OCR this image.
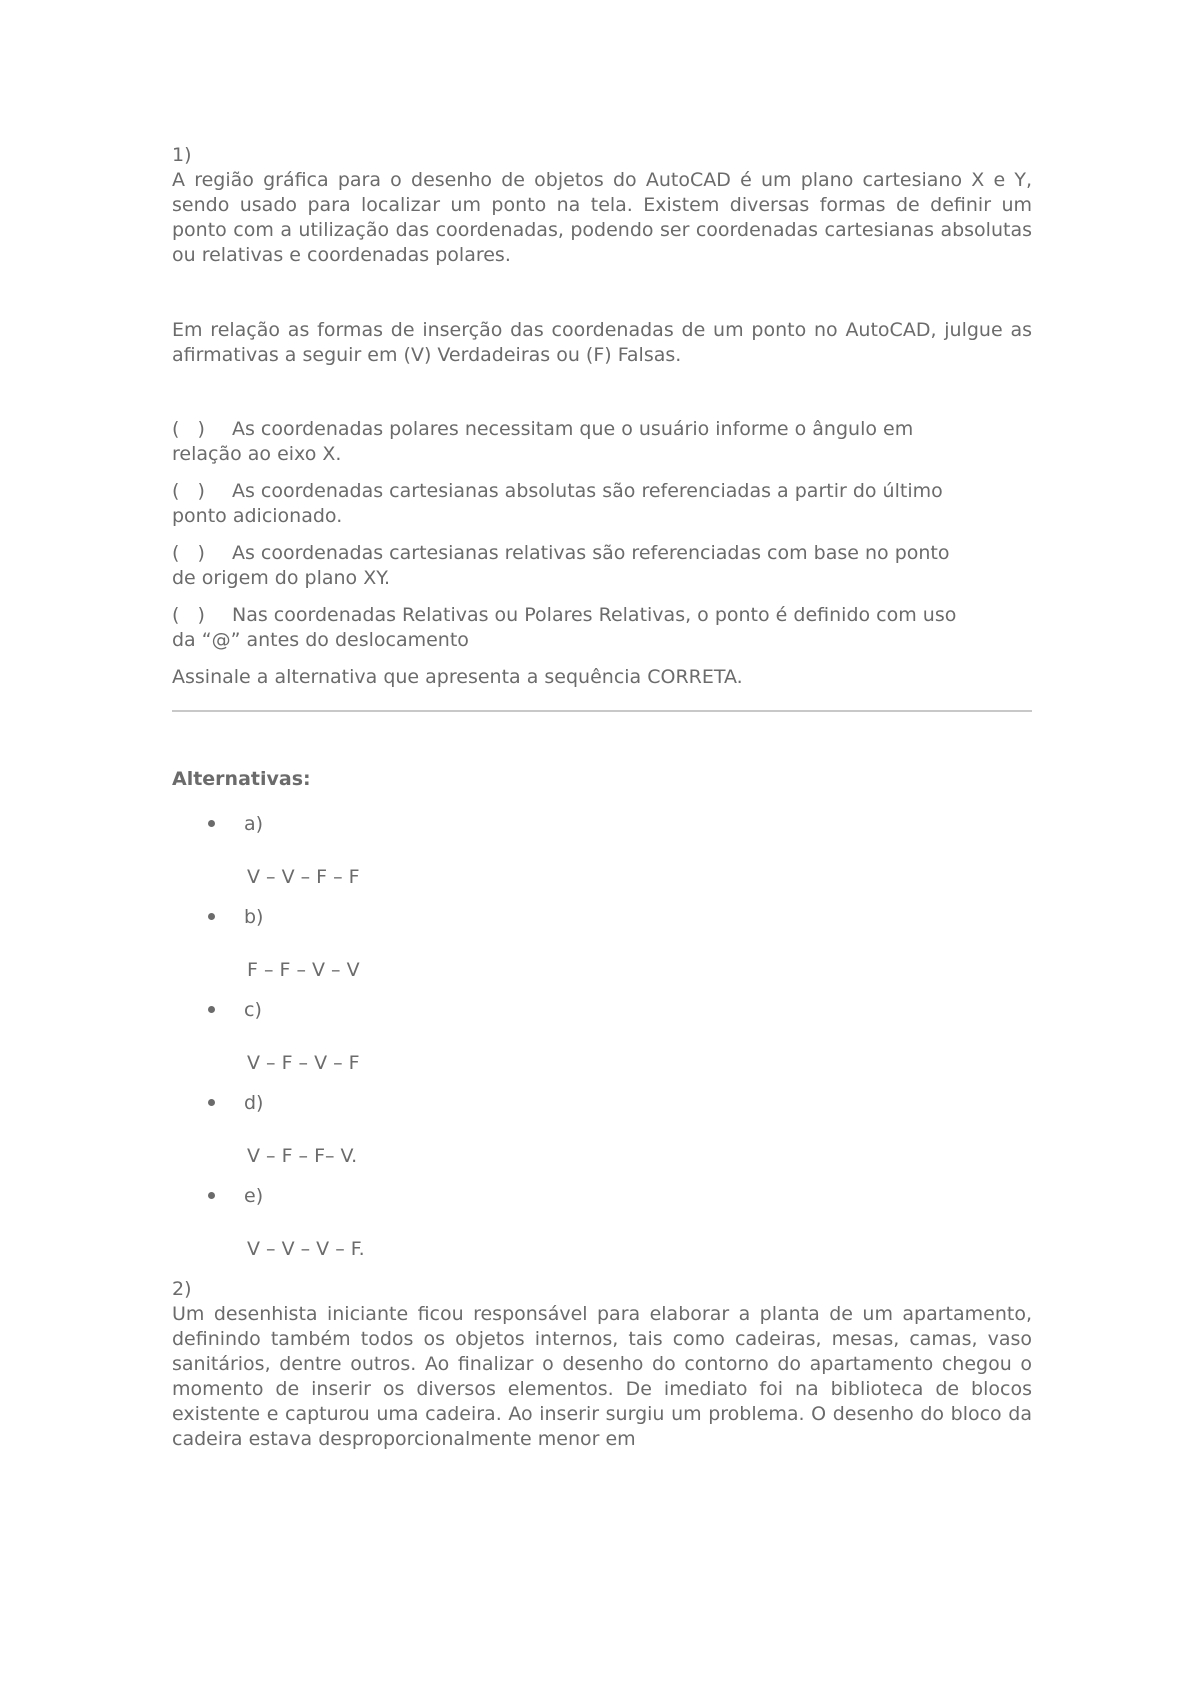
1)

A região gráfica para o desenho de objetos do AutoCAD é um plano cartesiano X e Y, sendo usado para localizar um ponto na tela. Existem diversas formas de definir um ponto com a utilização das coordenadas, podendo ser coordenadas cartesianas absolutas ou relativas e coordenadas polares.

Em relação as formas de inserção das coordenadas de um ponto no AutoCAD, julgue as afirmativas a seguir em (V) Verdadeiras ou (F) Falsas.

(   ) As coordenadas polares necessitam que o usuário informe o ângulo em relação ao eixo X.

(   ) As coordenadas cartesianas absolutas são referenciadas a partir do último ponto adicionado.

(   ) As coordenadas cartesianas relativas são referenciadas com base no ponto de origem do plano XY.

(   ) Nas coordenadas Relativas ou Polares Relativas, o ponto é definido com uso da “@” antes do deslocamento

Assinale a alternativa que apresenta a sequência CORRETA.

Alternativas:

a)
V – V – F – F
b)
F – F – V – V
c)
V – F – V – F
d)
V – F – F– V.
e)
V – V – V – F.

2)

Um desenhista iniciante ficou responsável para elaborar a planta de um apartamento, definindo também todos os objetos internos, tais como cadeiras, mesas, camas, vaso sanitários, dentre outros. Ao finalizar o desenho do contorno do apartamento chegou o momento de inserir os diversos elementos. De imediato foi na biblioteca de blocos existente e capturou uma cadeira. Ao inserir surgiu um problema. O desenho do bloco da cadeira estava desproporcionalmente menor em
